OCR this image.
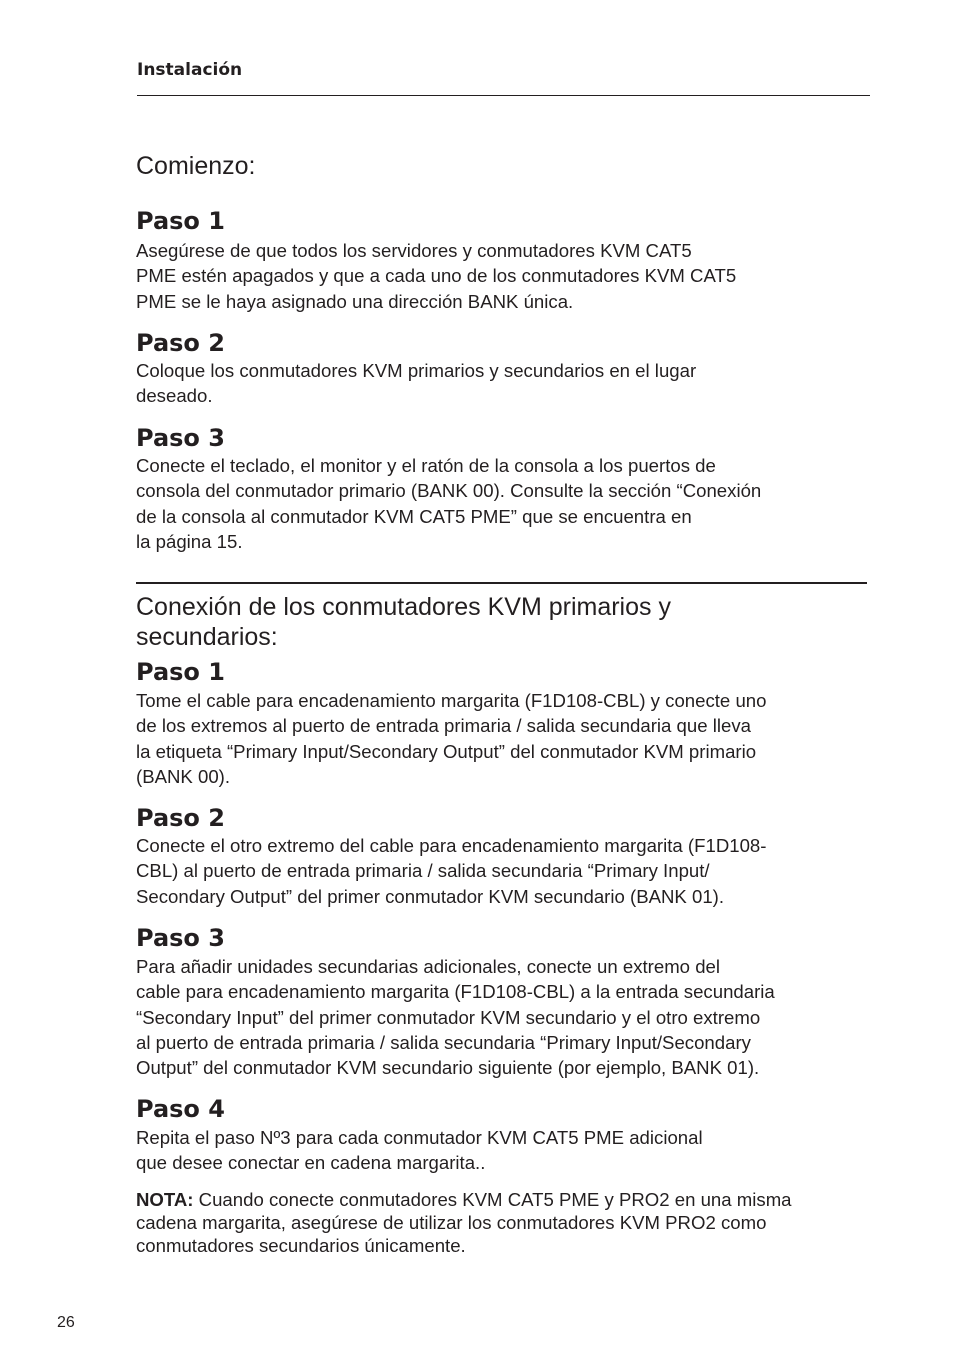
Instalación
Comienzo:
Paso 1
Asegúrese de que todos los servidores y conmutadores KVM CAT5
PME estén apagados y que a cada uno de los conmutadores KVM CAT5
PME se le haya asignado una dirección BANK única.
Paso 2
Coloque los conmutadores KVM primarios y secundarios en el lugar
deseado.
Paso 3
Conecte el teclado, el monitor y el ratón de la consola a los puertos de
consola del conmutador primario (BANK 00). Consulte la sección “Conexión
de la consola al conmutador KVM CAT5 PME” que se encuentra en
la página 15.
Conexión de los conmutadores KVM primarios y
secundarios:
Paso 1
Tome el cable para encadenamiento margarita (F1D108-CBL) y conecte uno
de los extremos al puerto de entrada primaria / salida secundaria que lleva
la etiqueta “Primary Input/Secondary Output” del conmutador KVM primario
(BANK 00).
Paso 2
Conecte el otro extremo del cable para encadenamiento margarita (F1D108-
CBL) al puerto de entrada primaria / salida secundaria “Primary Input/
Secondary Output” del primer conmutador KVM secundario (BANK 01).
Paso 3
Para añadir unidades secundarias adicionales, conecte un extremo del
cable para encadenamiento margarita (F1D108-CBL) a la entrada secundaria
“Secondary Input” del primer conmutador KVM secundario y el otro extremo
al puerto de entrada primaria / salida secundaria “Primary Input/Secondary
Output” del conmutador KVM secundario siguiente (por ejemplo, BANK 01).
Paso 4
Repita el paso Nº3 para cada conmutador KVM CAT5 PME adicional
que desee conectar en cadena margarita..
NOTA: Cuando conecte conmutadores KVM CAT5 PME y PRO2 en una misma
cadena margarita, asegúrese de utilizar los conmutadores KVM PRO2 como
conmutadores secundarios únicamente.
26
